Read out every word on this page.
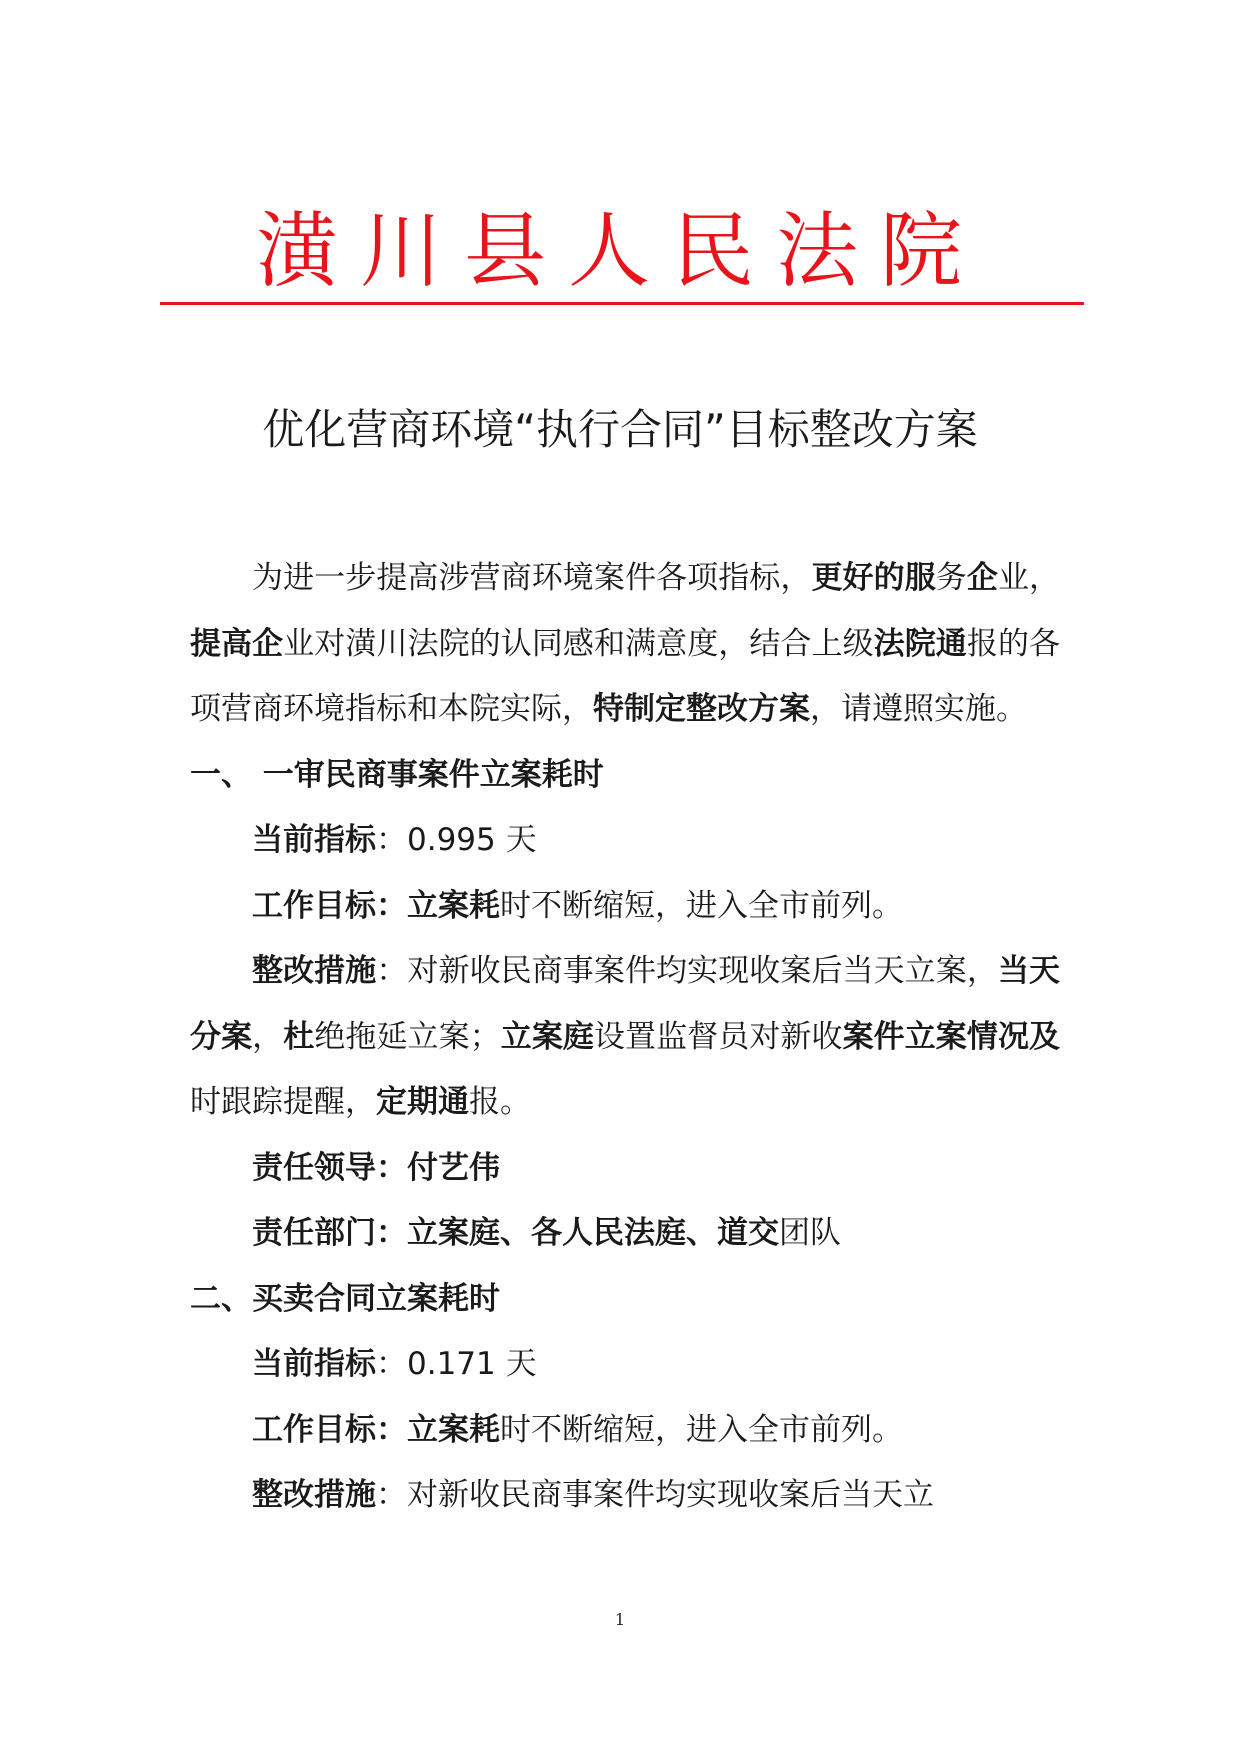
潢川县人民法院
优化营商环境“执行合同”目标整改方案

为进一步提高涉营商环境案件各项指标，更好的服务企业，提高企业对潢川法院的认同感和满意度，结合上级法院通报的各项营商环境指标和本院实际，特制定整改方案，请遵照实施。

一、 一审民商事案件立案耗时

当前指标：0.995 天

工作目标：立案耗时不断缩短，进入全市前列。

整改措施：对新收民商事案件均实现收案后当天立案，当天分案，杜绝拖延立案；立案庭设置监督员对新收案件立案情况及时跟踪提醒，定期通报。

责任领导：付艺伟

责任部门：立案庭、各人民法庭、道交团队

二、买卖合同立案耗时

当前指标：0.171 天

工作目标：立案耗时不断缩短，进入全市前列。

整改措施：对新收民商事案件均实现收案后当天立

1
